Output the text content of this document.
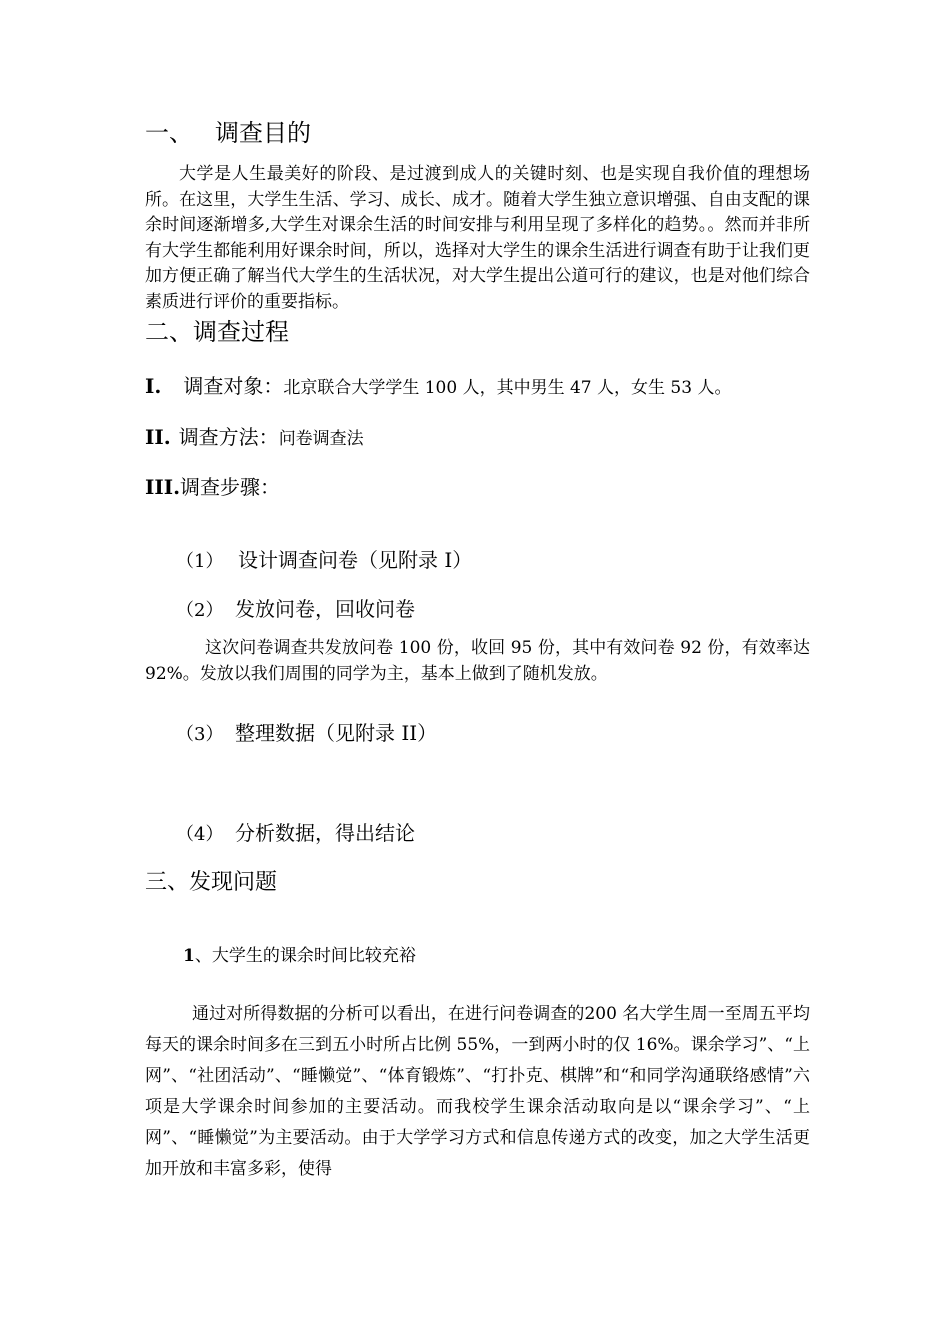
一、 调查目的
大学是人生最美好的阶段、是过渡到成人的关键时刻、也是实现自我价值的理想场所。在这里，大学生生活、学习、成长、成才。随着大学生独立意识增强、自由支配的课余时间逐渐增多,大学生对课余生活的时间安排与利用呈现了多样化的趋势。。然而并非所有大学生都能利用好课余时间，所以，选择对大学生的课余生活进行调查有助于让我们更加方便正确了解当代大学生的生活状况，对大学生提出公道可行的建议，也是对他们综合素质进行评价的重要指标。
二、调查过程
I. 调查对象：北京联合大学学生 100 人，其中男生 47 人，女生 53 人。
II. 调查方法：问卷调查法
III.调查步骤：
（1） 设计调查问卷（见附录 I）
（2） 发放问卷，回收问卷
这次问卷调查共发放问卷 100 份，收回 95 份，其中有效问卷 92 份，有效率达 92%。发放以我们周围的同学为主，基本上做到了随机发放。
（3） 整理数据（见附录 II）
（4） 分析数据，得出结论
三、发现问题
1、大学生的课余时间比较充裕
通过对所得数据的分析可以看出，在进行问卷调查的200 名大学生周一至周五平均每天的课余时间多在三到五小时所占比例 55%，一到两小时的仅 16%。课余学习”、“上网”、“社团活动”、“睡懒觉”、“体育锻炼”、“打扑克、棋牌”和“和同学沟通联络感情”六项是大学课余时间参加的主要活动。而我校学生课余活动取向是以“课余学习”、“上网”、“睡懒觉”为主要活动。由于大学学习方式和信息传递方式的改变，加之大学生活更加开放和丰富多彩，使得
